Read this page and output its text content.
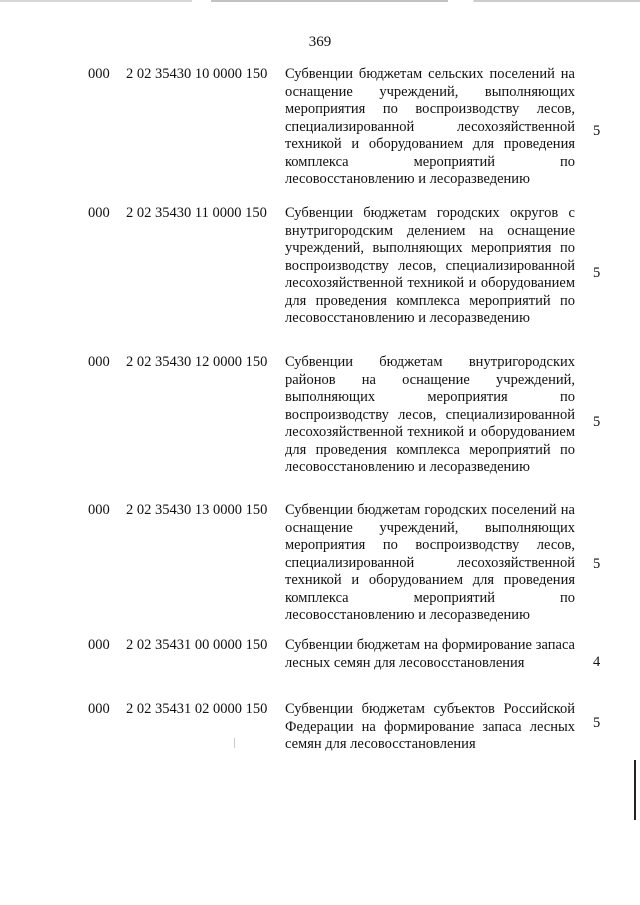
369
000 2 02 35430 10 0000 150 Субвенции бюджетам сельских поселений на оснащение учреждений, выполняющих мероприятия по воспроизводству лесов, специализированной лесохозяйственной техникой и оборудованием для проведения комплекса мероприятий по лесовосстановлению и лесоразведению
5
000 2 02 35430 11 0000 150 Субвенции бюджетам городских округов с внутригородским делением на оснащение учреждений, выполняющих мероприятия по воспроизводству лесов, специализированной лесохозяйственной техникой и оборудованием для проведения комплекса мероприятий по лесовосстановлению и лесоразведению
5
000 2 02 35430 12 0000 150 Субвенции бюджетам внутригородских районов на оснащение учреждений, выполняющих мероприятия по воспроизводству лесов, специализированной лесохозяйственной техникой и оборудованием для проведения комплекса мероприятий по лесовосстановлению и лесоразведению
5
000 2 02 35430 13 0000 150 Субвенции бюджетам городских поселений на оснащение учреждений, выполняющих мероприятия по воспроизводству лесов, специализированной лесохозяйственной техникой и оборудованием для проведения комплекса мероприятий по лесовосстановлению и лесоразведению
5
000 2 02 35431 00 0000 150 Субвенции бюджетам на формирование запаса лесных семян для лесовосстановления	4
000 2 02 35431 02 0000 150 Субвенции бюджетам субъектов Российской Федерации на формирование запаса лесных семян для лесовосстановления
5
